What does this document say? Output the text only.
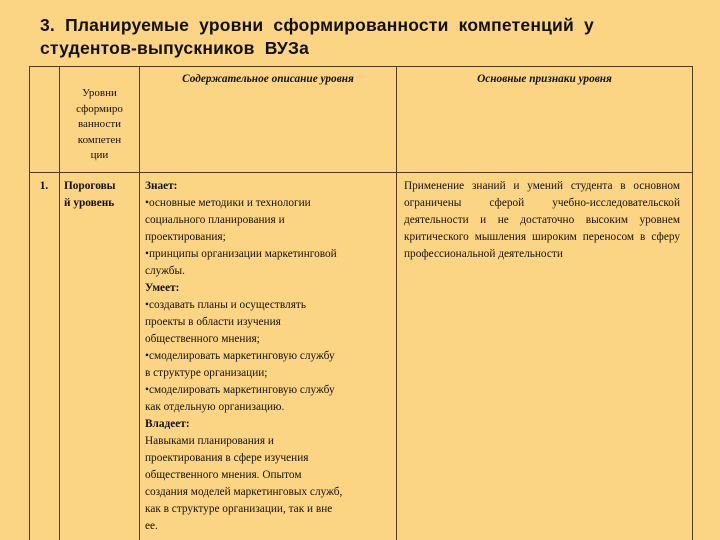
3. Планируемые уровни сформированности компетенций у студентов-выпускников ВУЗа
Уровни
сформиро
ванности
компетен
ции
Содержательное описание уровня	Основные признаки уровня
1.	Пороговы
й уровень
Знает:
•основные методики и технологии
социального планирования и
проектирования;
•принципы организации маркетинговой
службы.
Умеет:
•создавать планы и осуществлять
проекты в области изучения
общественного мнения;
•смоделировать маркетинговую службу
в структуре организации;
•смоделировать маркетинговую службу
как отдельную организацию.
Владеет:
Навыками планирования и
проектирования в сфере изучения
общественного мнения. Опытом
создания моделей маркетинговых служб,
как в структуре организации, так и вне
ее.
Применение знаний и умений студента в основном ограничены сферой учебно-исследовательской деятельности и не достаточно высоким уровнем критического мышления широким переносом в сферу профессиональной деятельности
